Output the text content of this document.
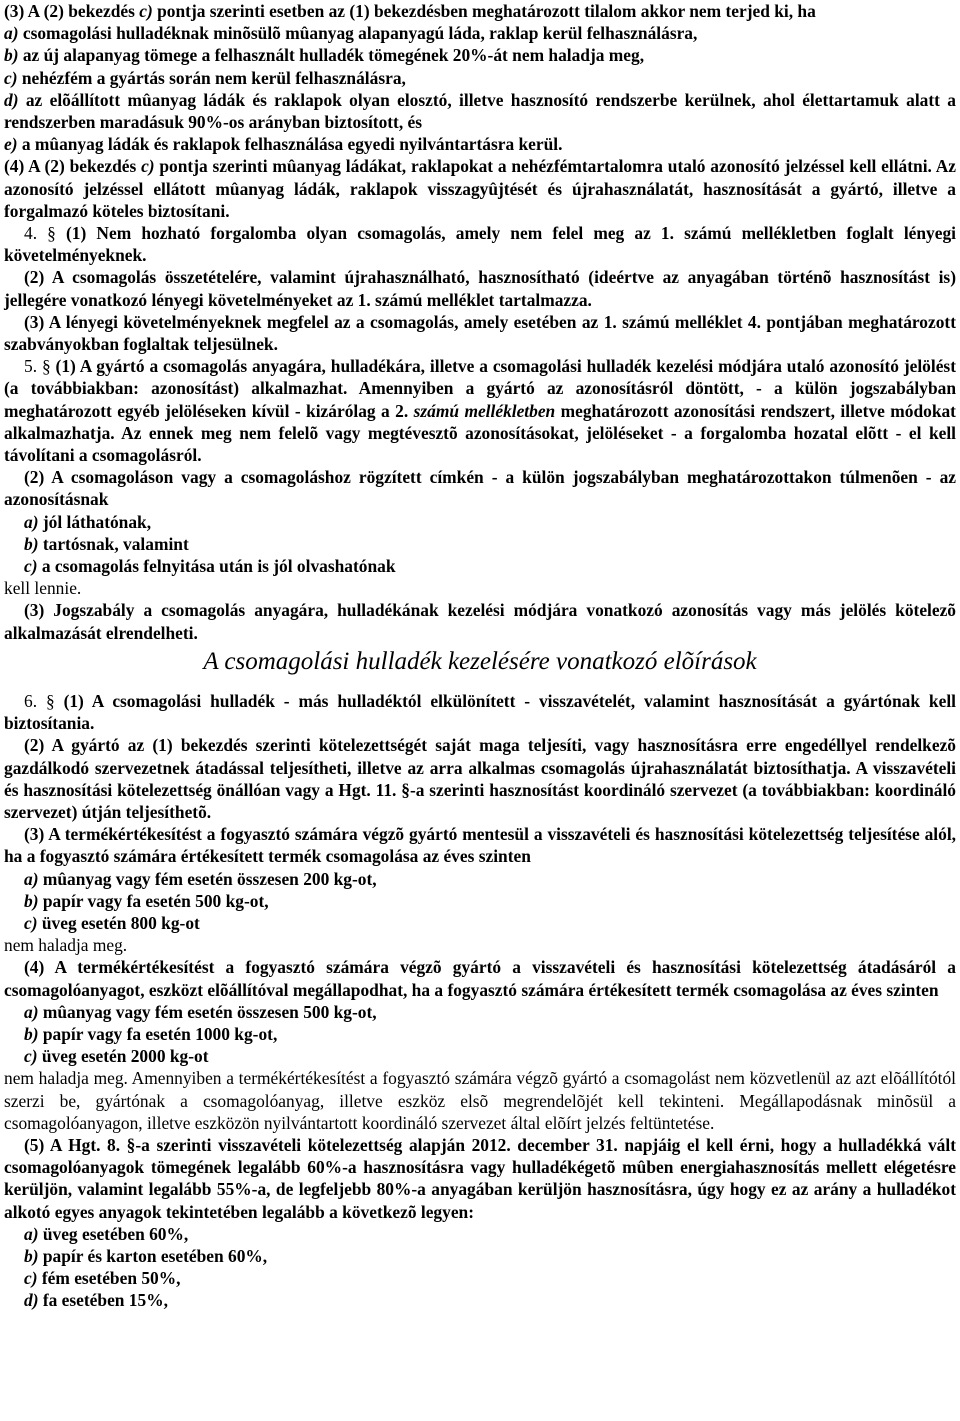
(3) A (2) bekezdés c) pontja szerinti esetben az (1) bekezdésben meghatározott tilalom akkor nem terjed ki, ha

a) csomagolási hulladéknak minõsülõ mûanyag alapanyagú láda, raklap kerül felhasználásra,

b) az új alapanyag tömege a felhasznált hulladék tömegének 20%-át nem haladja meg,

c) nehézfém a gyártás során nem kerül felhasználásra,

d) az elõállított mûanyag ládák és raklapok olyan elosztó, illetve hasznosító rendszerbe kerülnek, ahol élettartamuk alatt a rendszerben maradásuk 90%-os arányban biztosított, és

e) a mûanyag ládák és raklapok felhasználása egyedi nyilvántartásra kerül.

(4) A (2) bekezdés c) pontja szerinti mûanyag ládákat, raklapokat a nehézfémtartalomra utaló azonosító jelzéssel kell ellátni. Az azonosító jelzéssel ellátott mûanyag ládák, raklapok visszagyûjtését és újrahasználatát, hasznosítását a gyártó, illetve a forgalmazó köteles biztosítani.

4. § (1) Nem hozható forgalomba olyan csomagolás, amely nem felel meg az 1. számú mellékletben foglalt lényegi követelményeknek.

(2) A csomagolás összetételére, valamint újrahasználható, hasznosítható (ideértve az anyagában történõ hasznosítást is) jellegére vonatkozó lényegi követelményeket az 1. számú melléklet tartalmazza.

(3) A lényegi követelményeknek megfelel az a csomagolás, amely esetében az 1. számú melléklet 4. pontjában meghatározott szabványokban foglaltak teljesülnek.

5. § (1) A gyártó a csomagolás anyagára, hulladékára, illetve a csomagolási hulladék kezelési módjára utaló azonosító jelölést (a továbbiakban: azonosítást) alkalmazhat. Amennyiben a gyártó az azonosításról döntött, - a külön jogszabályban meghatározott egyéb jelöléseken kívül - kizárólag a 2. számú mellékletben meghatározott azonosítási rendszert, illetve módokat alkalmazhatja. Az ennek meg nem felelõ vagy megtévesztõ azonosításokat, jelöléseket - a forgalomba hozatal elõtt - el kell távolítani a csomagolásról.

(2) A csomagoláson vagy a csomagoláshoz rögzített címkén - a külön jogszabályban meghatározottakon túlmenõen - az azonosításnak

a) jól láthatónak,

b) tartósnak, valamint

c) a csomagolás felnyitása után is jól olvashatónak

kell lennie.

(3) Jogszabály a csomagolás anyagára, hulladékának kezelési módjára vonatkozó azonosítás vagy más jelölés kötelezõ alkalmazását elrendelheti.

A csomagolási hulladék kezelésére vonatkozó elõírások

6. § (1) A csomagolási hulladék - más hulladéktól elkülönített - visszavételét, valamint hasznosítását a gyártónak kell biztosítania.

(2) A gyártó az (1) bekezdés szerinti kötelezettségét saját maga teljesíti, vagy hasznosításra erre engedéllyel rendelkezõ gazdálkodó szervezetnek átadással teljesítheti, illetve az arra alkalmas csomagolás újrahasználatát biztosíthatja. A visszavételi és hasznosítási kötelezettség önállóan vagy a Hgt. 11. §-a szerinti hasznosítást koordináló szervezet (a továbbiakban: koordináló szervezet) útján teljesíthetõ.

(3) A termékértékesítést a fogyasztó számára végzõ gyártó mentesül a visszavételi és hasznosítási kötelezettség teljesítése alól, ha a fogyasztó számára értékesített termék csomagolása az éves szinten

a) mûanyag vagy fém esetén összesen 200 kg-ot,

b) papír vagy fa esetén 500 kg-ot,

c) üveg esetén 800 kg-ot

nem haladja meg.

(4) A termékértékesítést a fogyasztó számára végzõ gyártó a visszavételi és hasznosítási kötelezettség átadásáról a csomagolóanyagot, eszközt elõállítóval megállapodhat, ha a fogyasztó számára értékesített termék csomagolása az éves szinten

a) mûanyag vagy fém esetén összesen 500 kg-ot,

b) papír vagy fa esetén 1000 kg-ot,

c) üveg esetén 2000 kg-ot

nem haladja meg. Amennyiben a termékértékesítést a fogyasztó számára végzõ gyártó a csomagolást nem közvetlenül az azt elõállítótól szerzi be, gyártónak a csomagolóanyag, illetve eszköz elsõ megrendelõjét kell tekinteni. Megállapodásnak minõsül a csomagolóanyagon, illetve eszközön nyilvántartott koordináló szervezet által elõírt jelzés feltüntetése.

(5) A Hgt. 8. §-a szerinti visszavételi kötelezettség alapján 2012. december 31. napjáig el kell érni, hogy a hulladékká vált csomagolóanyagok tömegének legalább 60%-a hasznosításra vagy hulladékégetõ mûben energiahasznosítás mellett elégetésre kerüljön, valamint legalább 55%-a, de legfeljebb 80%-a anyagában kerüljön hasznosításra, úgy hogy ez az arány a hulladékot alkotó egyes anyagok tekintetében legalább a következõ legyen:

a) üveg esetében 60%,

b) papír és karton esetében 60%,

c) fém esetében 50%,

d) fa esetében 15%,
